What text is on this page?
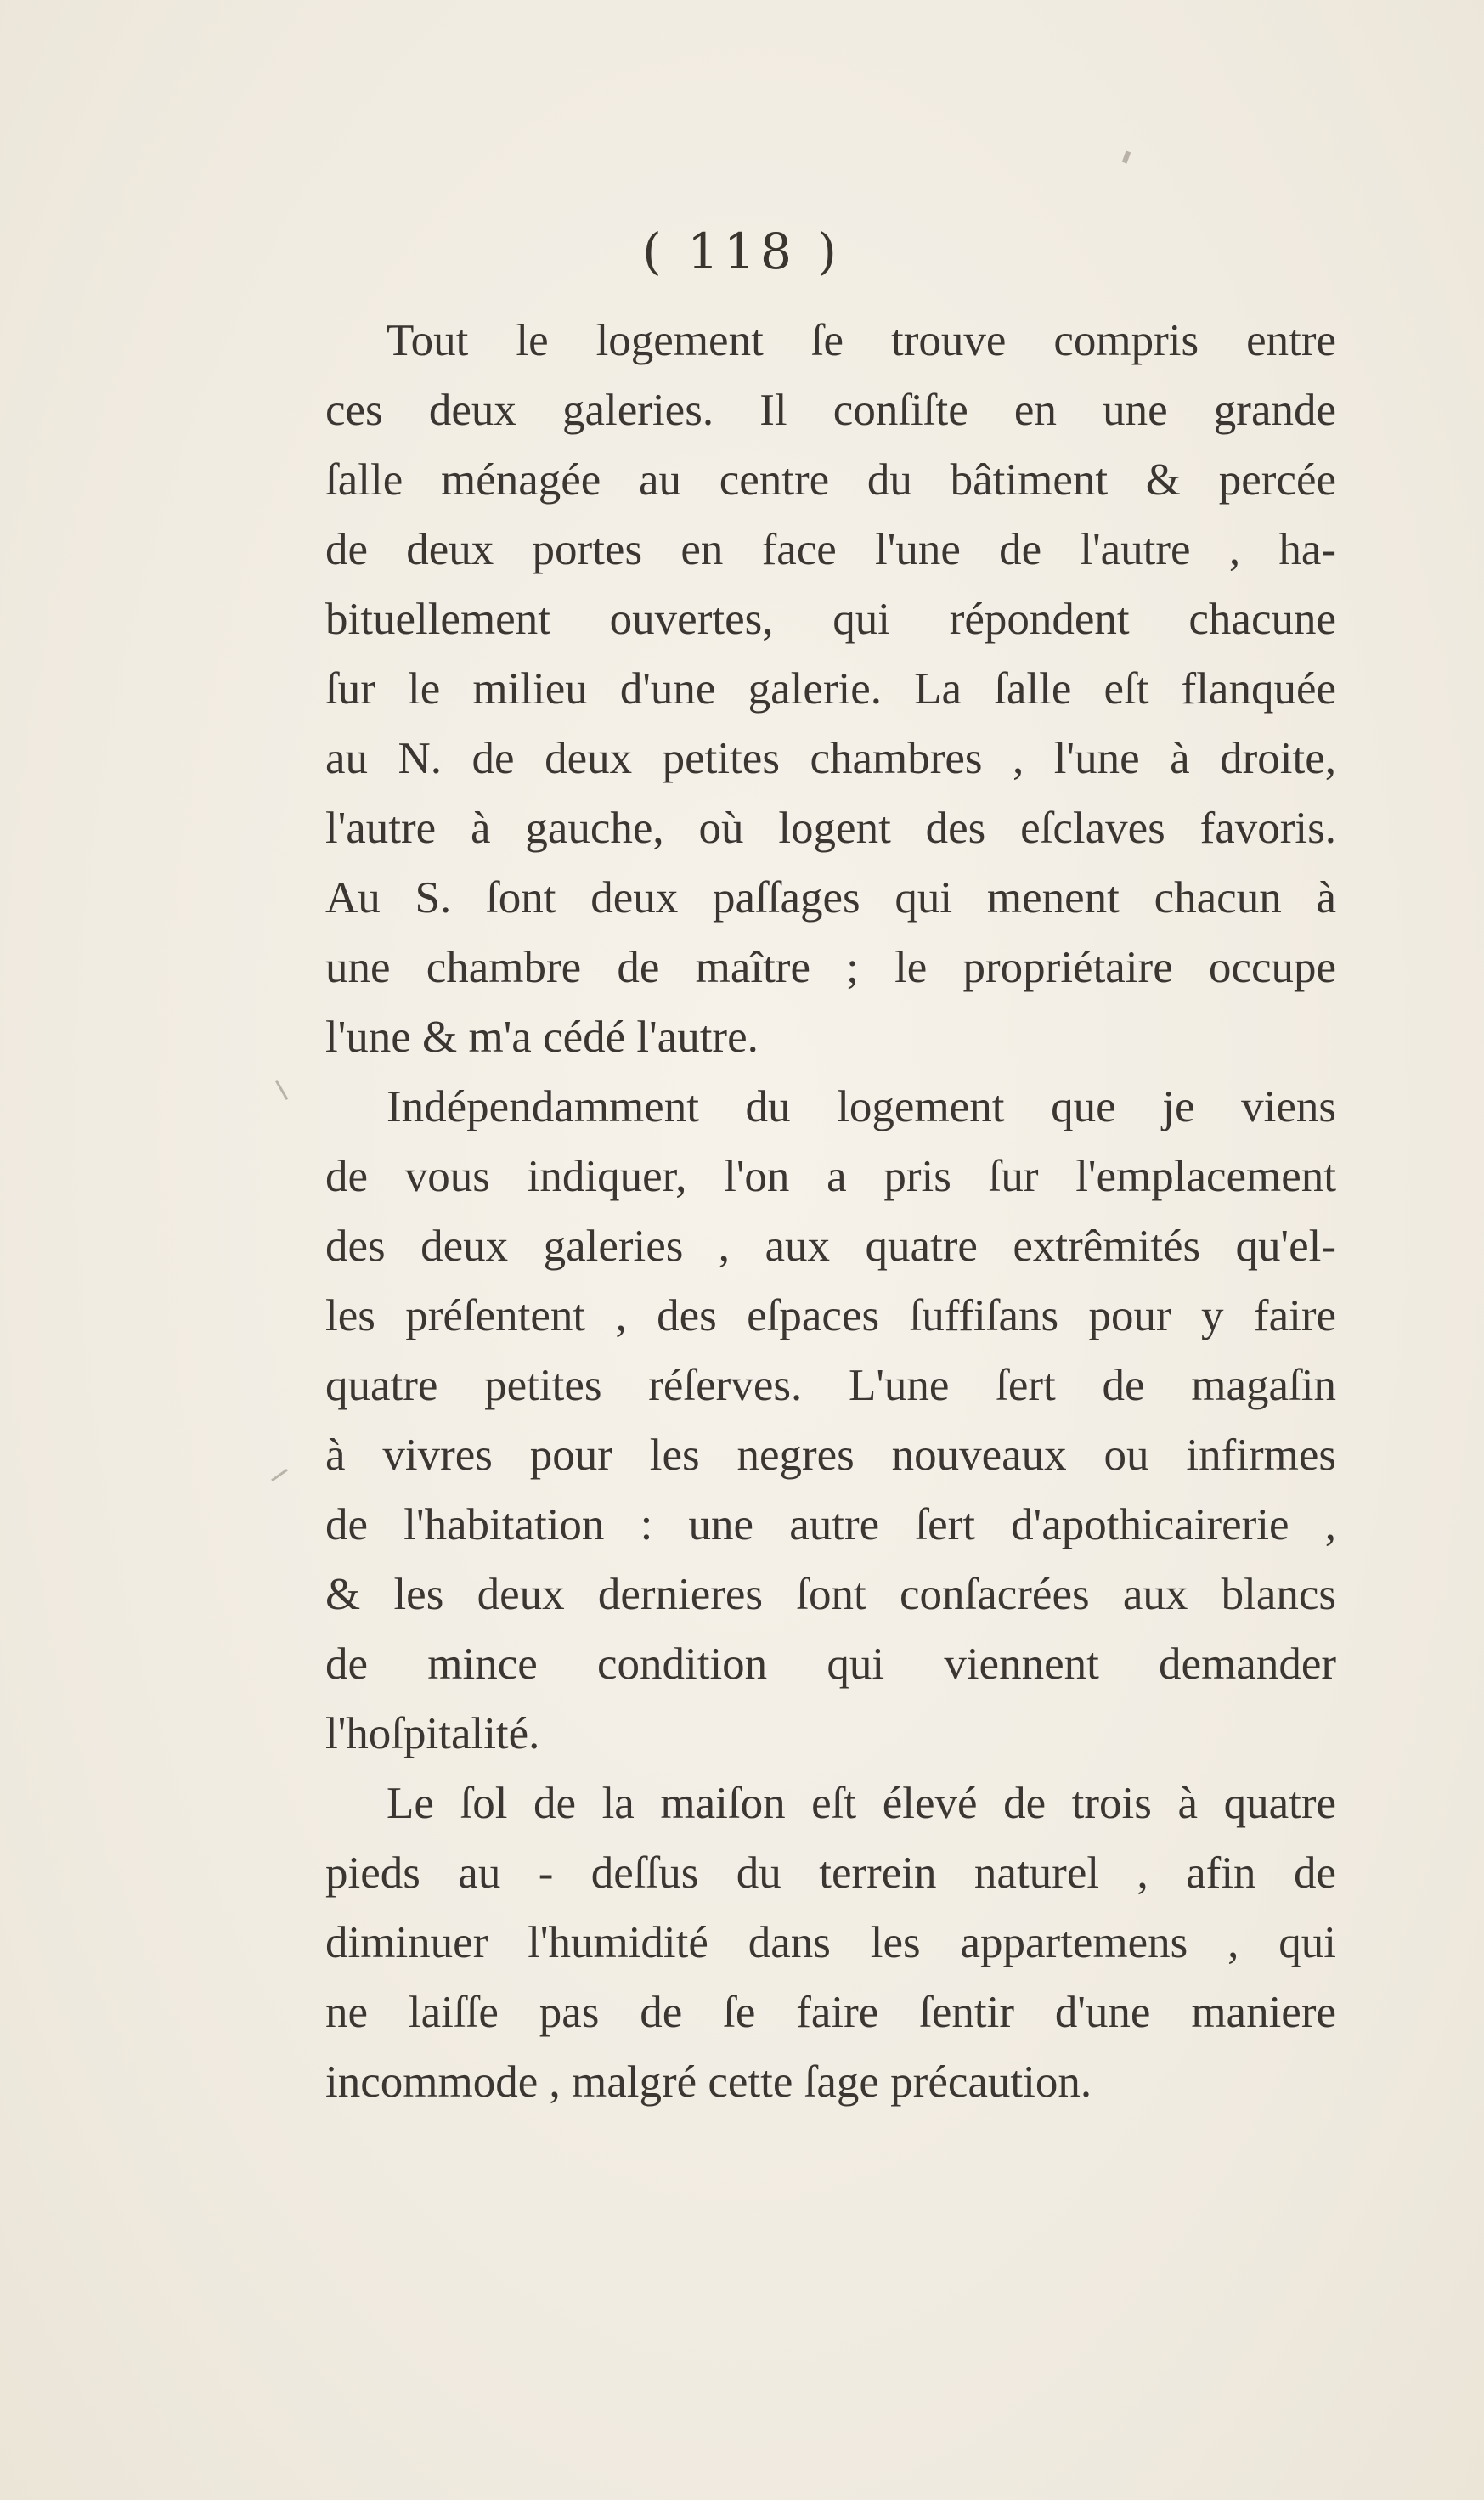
( 118 )
Tout le logement ſe trouve compris entre
ces deux galeries. Il conſiſte en une grande
ſalle ménagée au centre du bâtiment & percée
de deux portes en face l'une de l'autre , ha-
bituellement ouvertes, qui répondent chacune
ſur le milieu d'une galerie. La ſalle eſt flanquée
au N. de deux petites chambres , l'une à droite,
l'autre à gauche, où logent des eſclaves favoris.
Au S. ſont deux paſſages qui menent chacun à
une chambre de maître ; le propriétaire occupe
l'une & m'a cédé l'autre.
Indépendamment du logement que je viens
de vous indiquer, l'on a pris ſur l'emplacement
des deux galeries , aux quatre extrêmités qu'el-
les préſentent , des eſpaces ſuffiſans pour y faire
quatre petites réſerves. L'une ſert de magaſin
à vivres pour les negres nouveaux ou infirmes
de l'habitation : une autre ſert d'apothicairerie ,
& les deux dernieres ſont conſacrées aux blancs
de mince condition qui viennent demander
l'hoſpitalité.
Le ſol de la maiſon eſt élevé de trois à quatre
pieds au - deſſus du terrein naturel , afin de
diminuer l'humidité dans les appartemens , qui
ne laiſſe pas de ſe faire ſentir d'une maniere
incommode , malgré cette ſage précaution.
